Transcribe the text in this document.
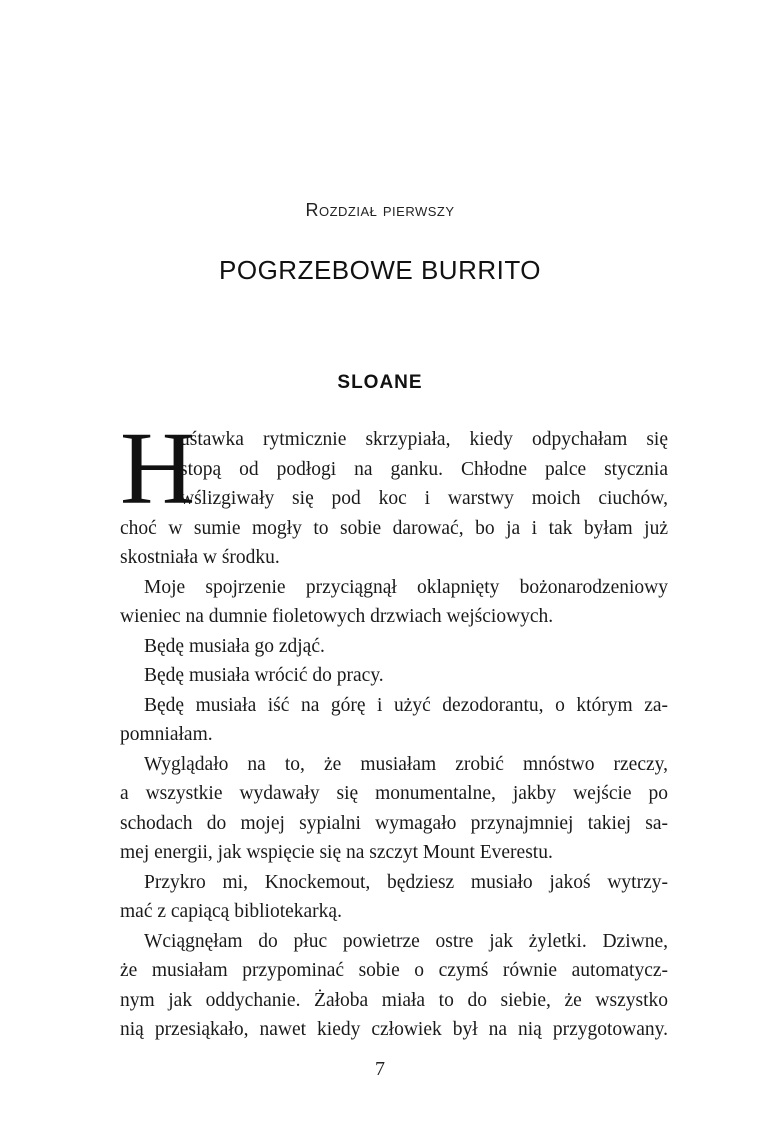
Rozdział pierwszy
POGRZEBOWE BURRITO
SLOANE
H
uśtawka rytmicznie skrzypiała, kiedy odpychałam się
stopą od podłogi na ganku. Chłodne palce stycznia
wślizgiwały się pod koc i warstwy moich ciuchów,
choć w sumie mogły to sobie darować, bo ja i tak byłam już
skostniała w środku.
Moje spojrzenie przyciągnął oklapnięty bożonarodzeniowy
wieniec na dumnie fioletowych drzwiach wejściowych.
Będę musiała go zdjąć.
Będę musiała wrócić do pracy.
Będę musiała iść na górę i użyć dezodorantu, o którym za-
pomniałam.
Wyglądało na to, że musiałam zrobić mnóstwo rzeczy,
a wszystkie wydawały się monumentalne, jakby wejście po
schodach do mojej sypialni wymagało przynajmniej takiej sa-
mej energii, jak wspięcie się na szczyt Mount Everestu.
Przykro mi, Knockemout, będziesz musiało jakoś wytrzy-
mać z capiącą bibliotekarką.
Wciągnęłam do płuc powietrze ostre jak żyletki. Dziwne,
że musiałam przypominać sobie o czymś równie automatycz-
nym jak oddychanie. Żałoba miała to do siebie, że wszystko
nią przesiąkało, nawet kiedy człowiek był na nią przygotowany.
7
